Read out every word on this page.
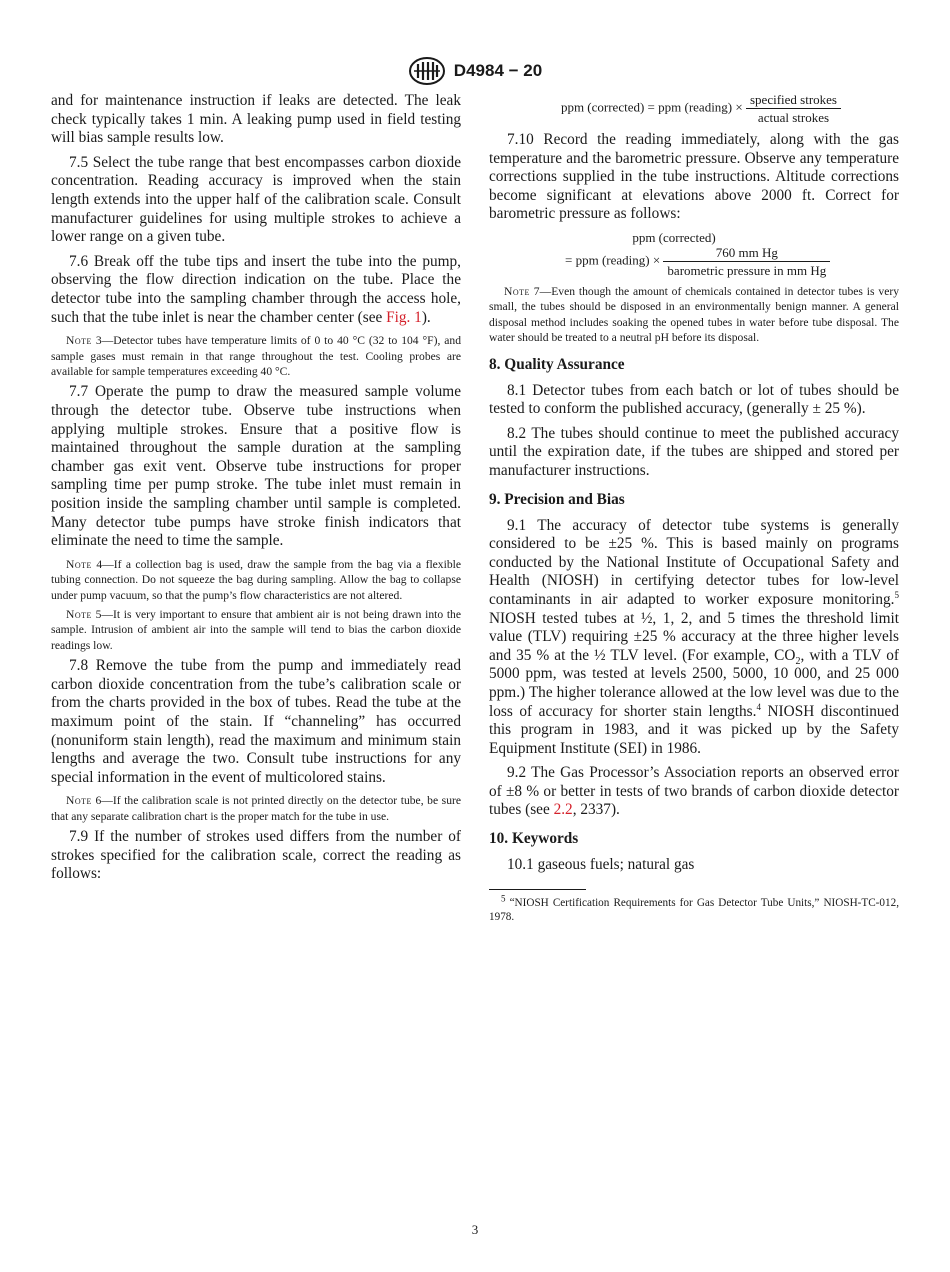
D4984 − 20

and for maintenance instruction if leaks are detected. The leak check typically takes 1 min. A leaking pump used in field testing will bias sample results low.

7.5 Select the tube range that best encompasses carbon dioxide concentration. Reading accuracy is improved when the stain length extends into the upper half of the calibration scale. Consult manufacturer guidelines for using multiple strokes to achieve a lower range on a given tube.

7.6 Break off the tube tips and insert the tube into the pump, observing the flow direction indication on the tube. Place the detector tube into the sampling chamber through the access hole, such that the tube inlet is near the chamber center (see Fig. 1).

Note 3—Detector tubes have temperature limits of 0 to 40 °C (32 to 104 °F), and sample gases must remain in that range throughout the test. Cooling probes are available for sample temperatures exceeding 40 °C.

7.7 Operate the pump to draw the measured sample volume through the detector tube. Observe tube instructions when applying multiple strokes. Ensure that a positive flow is maintained throughout the sample duration at the sampling chamber gas exit vent. Observe tube instructions for proper sampling time per pump stroke. The tube inlet must remain in position inside the sampling chamber until sample is completed. Many detector tube pumps have stroke finish indicators that eliminate the need to time the sample.

Note 4—If a collection bag is used, draw the sample from the bag via a flexible tubing connection. Do not squeeze the bag during sampling. Allow the bag to collapse under pump vacuum, so that the pump’s flow characteristics are not altered.

Note 5—It is very important to ensure that ambient air is not being drawn into the sample. Intrusion of ambient air into the sample will tend to bias the carbon dioxide readings low.

7.8 Remove the tube from the pump and immediately read carbon dioxide concentration from the tube’s calibration scale or from the charts provided in the box of tubes. Read the tube at the maximum point of the stain. If “channeling” has occurred (nonuniform stain length), read the maximum and minimum stain lengths and average the two. Consult tube instructions for any special information in the event of multicolored stains.

Note 6—If the calibration scale is not printed directly on the detector tube, be sure that any separate calibration chart is the proper match for the tube in use.

7.9 If the number of strokes used differs from the number of strokes specified for the calibration scale, correct the reading as follows:

ppm (corrected) = ppm (reading) × $\frac{\text{specified strokes}}{\text{actual strokes}}$

7.10 Record the reading immediately, along with the gas temperature and the barometric pressure. Observe any temperature corrections supplied in the tube instructions. Altitude corrections become significant at elevations above 2000 ft. Correct for barometric pressure as follows:

ppm (corrected)
= ppm (reading) × $\frac{\text{760 mm Hg}}{\text{barometric pressure in mm Hg}}$

Note 7—Even though the amount of chemicals contained in detector tubes is very small, the tubes should be disposed in an environmentally benign manner. A general disposal method includes soaking the opened tubes in water before tube disposal. The water should be treated to a neutral pH before its disposal.

8. Quality Assurance

8.1 Detector tubes from each batch or lot of tubes should be tested to conform the published accuracy, (generally ± 25 %).

8.2 The tubes should continue to meet the published accuracy until the expiration date, if the tubes are shipped and stored per manufacturer instructions.

9. Precision and Bias

9.1 The accuracy of detector tube systems is generally considered to be ±25 %. This is based mainly on programs conducted by the National Institute of Occupational Safety and Health (NIOSH) in certifying detector tubes for low-level contaminants in air adapted to worker exposure monitoring.$^5$ NIOSH tested tubes at ½, 1, 2, and 5 times the threshold limit value (TLV) requiring ±25 % accuracy at the three higher levels and 35 % at the ½ TLV level. (For example, $CO_2$, with a TLV of 5000 ppm, was tested at levels 2500, 5000, 10 000, and 25 000 ppm.) The higher tolerance allowed at the low level was due to the loss of accuracy for shorter stain lengths.$^4$ NIOSH discontinued this program in 1983, and it was picked up by the Safety Equipment Institute (SEI) in 1986.

9.2 The Gas Processor’s Association reports an observed error of ±8 % or better in tests of two brands of carbon dioxide detector tubes (see 2.2, 2337).

10. Keywords

10.1 gaseous fuels; natural gas

$^5$ “NIOSH Certification Requirements for Gas Detector Tube Units,” NIOSH-TC-012, 1978.

3
